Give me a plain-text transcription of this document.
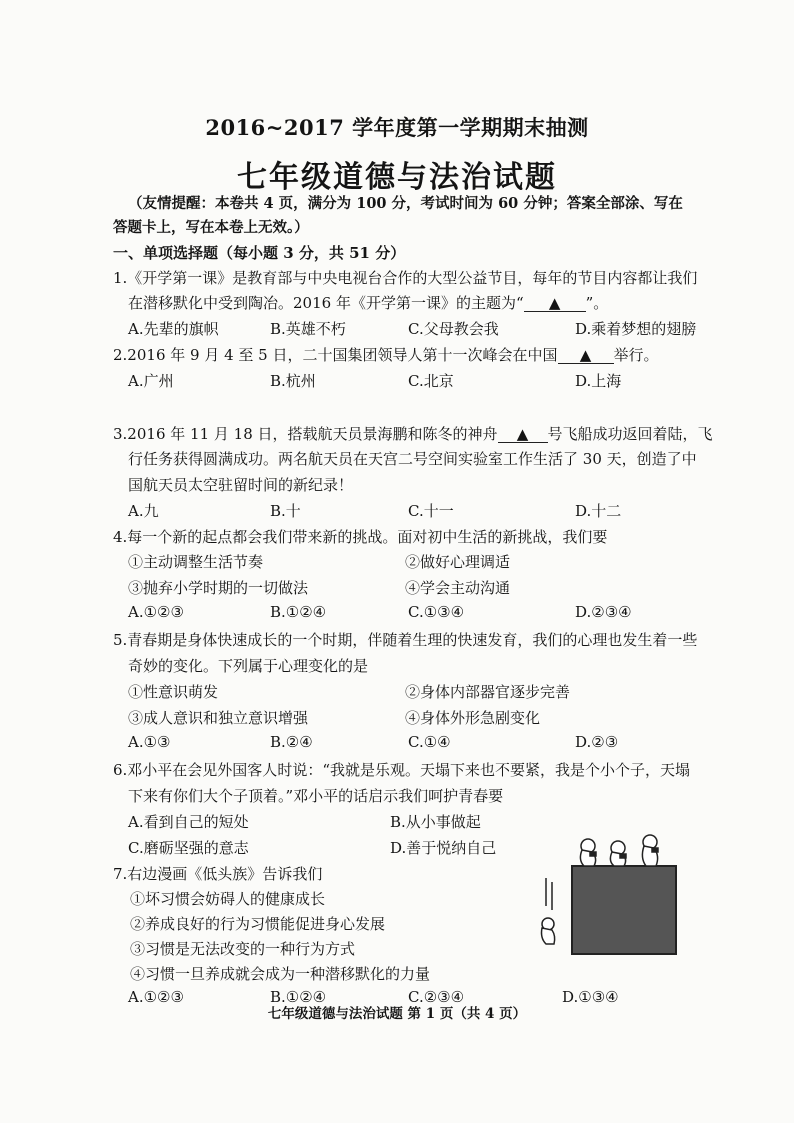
2016~2017 学年度第一学期期末抽测
七年级道德与法治试题
（友情提醒：本卷共 4 页，满分为 100 分，考试时间为 60 分钟；答案全部涂、写在
答题卡上，写在本卷上无效。）
一、单项选择题（每小题 3 分，共 51 分）
1.《开学第一课》是教育部与中央电视台合作的大型公益节目，每年的节目内容都让我们
在潜移默化中受到陶冶。2016 年《开学第一课》的主题为“ ▲ ”。
A.先辈的旗帜	B.英雄不朽	C.父母教会我	D.乘着梦想的翅膀
2.2016 年 9 月 4 至 5 日，二十国集团领导人第十一次峰会在中国 ▲ 举行。
A.广州	B.杭州	C.北京	D.上海
3.2016 年 11 月 18 日，搭载航天员景海鹏和陈冬的神舟 ▲ 号飞船成功返回着陆，飞
行任务获得圆满成功。两名航天员在天宫二号空间实验室工作生活了 30 天，创造了中
国航天员太空驻留时间的新纪录！
A.九	B.十	C.十一	D.十二
4.每一个新的起点都会我们带来新的挑战。面对初中生活的新挑战，我们要
①主动调整生活节奏	②做好心理调适
③抛弃小学时期的一切做法	④学会主动沟通
A.①②③	B.①②④	C.①③④	D.②③④
5.青春期是身体快速成长的一个时期，伴随着生理的快速发育，我们的心理也发生着一些
奇妙的变化。下列属于心理变化的是
①性意识萌发	②身体内部器官逐步完善
③成人意识和独立意识增强	④身体外形急剧变化
A.①③	B.②④	C.①④	D.②③
6.邓小平在会见外国客人时说：“我就是乐观。天塌下来也不要紧，我是个小个子，天塌
下来有你们大个子顶着。”邓小平的话启示我们呵护青春要
A.看到自己的短处	B.从小事做起
C.磨砺坚强的意志	D.善于悦纳自己
7.右边漫画《低头族》告诉我们
①坏习惯会妨碍人的健康成长
②养成良好的行为习惯能促进身心发展
③习惯是无法改变的一种行为方式
④习惯一旦养成就会成为一种潜移默化的力量
A.①②③	B.①②④	C.②③④	D.①③④
七年级道德与法治试题 第 1 页（共 4 页）
